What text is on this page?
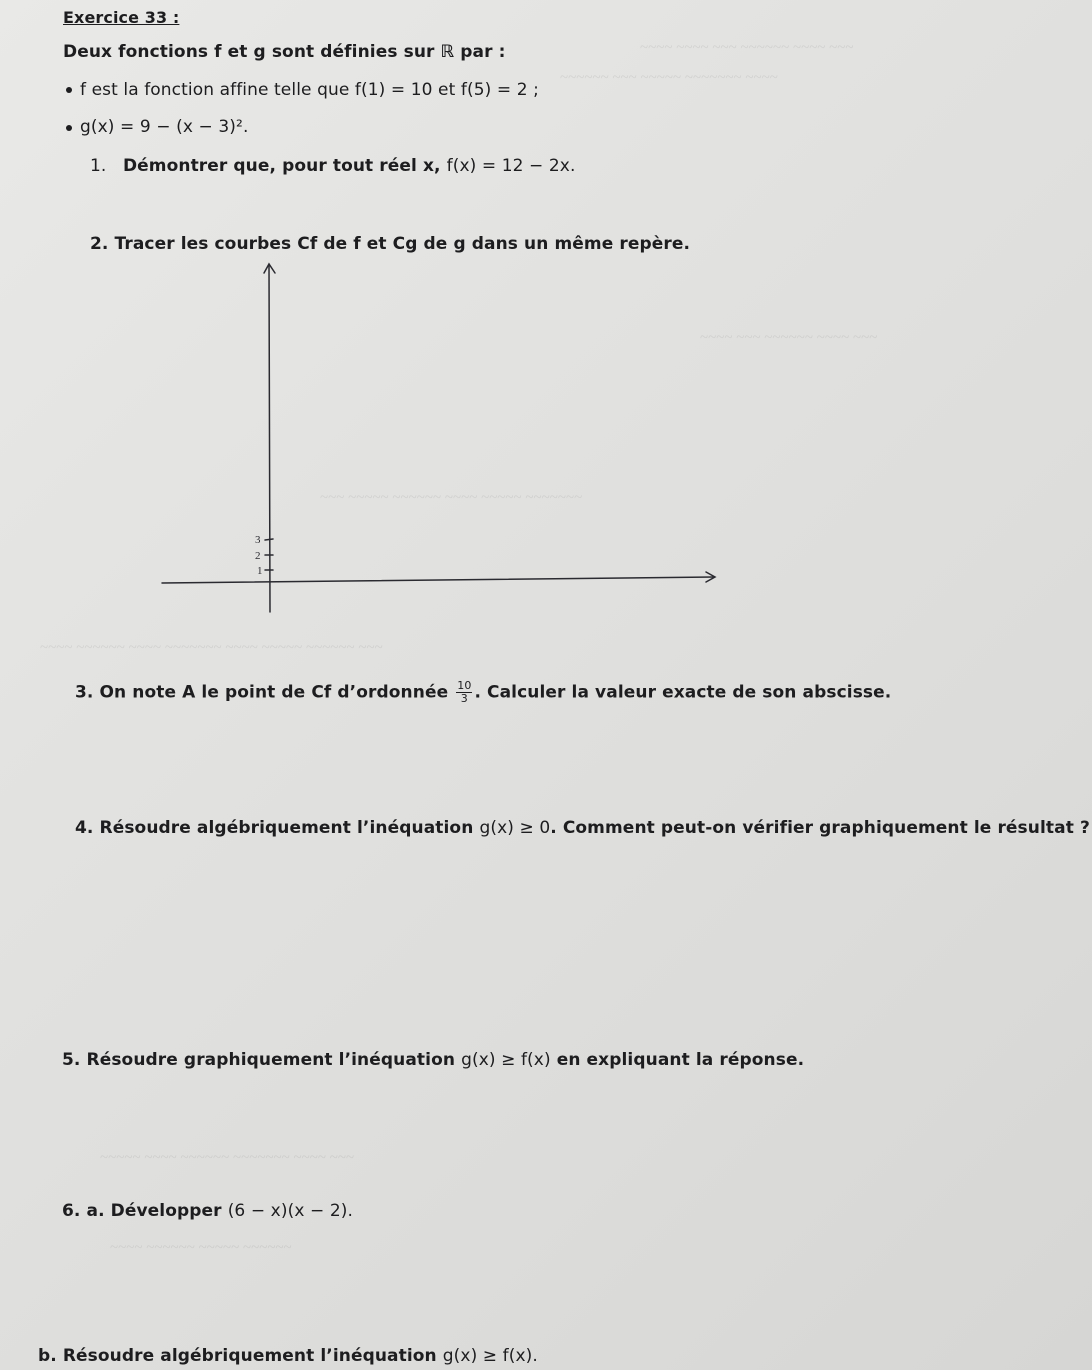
~~~~ ~~~~ ~~~ ~~~~~~ ~~~~ ~~~
~~~~~~ ~~~ ~~~~~ ~~~~~~~ ~~~~
~~~~ ~~~ ~~~~~~ ~~~~ ~~~
~~~ ~~~~~ ~~~~~~ ~~~~ ~~~~~ ~~~~~~~
~~~~ ~~~~~~ ~~~~ ~~~~~~~ ~~~~ ~~~~~ ~~~~~~ ~~~
~~~~~ ~~~~ ~~~~~~ ~~~~~~~ ~~~~ ~~~
~~~~ ~~~~~~ ~~~~~ ~~~~~~
Exercice 33 :
Deux fonctions f et g sont définies sur ℝ par :
f est la fonction affine telle que f(1) = 10 et f(5) = 2 ;
g(x) = 9 − (x − 3)².
1. Démontrer que, pour tout réel x, f(x) = 12 − 2x.
2. Tracer les courbes Cf de f et Cg de g dans un même repère.
3
2
1
3. On note A le point de Cf d’ordonnée $\frac{10}{3}$ . Calculer la valeur exacte de son abscisse.
4. Résoudre algébriquement l’inéquation g(x) ≥ 0. Comment peut-on vérifier graphiquement le résultat ?
5. Résoudre graphiquement l’inéquation g(x) ≥ f(x) en expliquant la réponse.
6. a. Développer (6 − x)(x − 2).
b. Résoudre algébriquement l’inéquation g(x) ≥ f(x).
